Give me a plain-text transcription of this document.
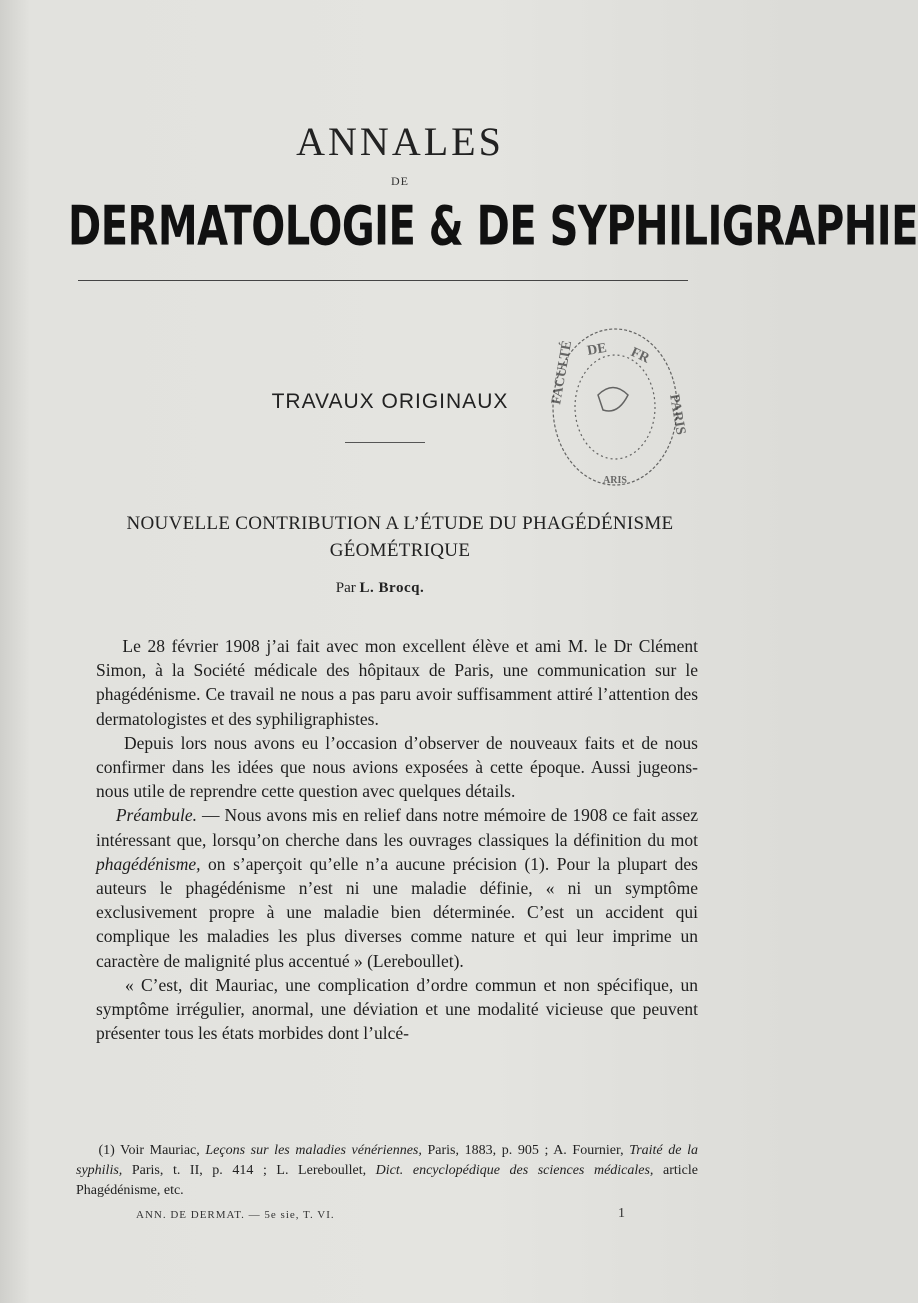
ANNALES
DE
DERMATOLOGIE & DE SYPHILIGRAPHIE
TRAVAUX ORIGINAUX
DE FR
FACULTÉ
PARIS
ARIS
NOUVELLE CONTRIBUTION A L’ÉTUDE DU PHAGÉDÉNISME
GÉOMÉTRIQUE
Par L. Brocq.

Le 28 février 1908 j’ai fait avec mon excellent élève et ami M. le Dr Clément Simon, à la Société médicale des hôpitaux de Paris, une communication sur le phagédénisme. Ce travail ne nous a pas paru avoir suffisamment attiré l’attention des dermatologistes et des syphiligraphistes.

Depuis lors nous avons eu l’occasion d’observer de nouveaux faits et de nous confirmer dans les idées que nous avions exposées à cette époque. Aussi jugeons-nous utile de reprendre cette question avec quelques détails.

Préambule. — Nous avons mis en relief dans notre mémoire de 1908 ce fait assez intéressant que, lorsqu’on cherche dans les ouvrages classiques la définition du mot phagédénisme, on s’aperçoit qu’elle n’a aucune précision (1). Pour la plupart des auteurs le phagédénisme n’est ni une maladie définie, « ni un symptôme exclusivement propre à une maladie bien déterminée. C’est un accident qui complique les maladies les plus diverses comme nature et qui leur imprime un caractère de malignité plus accentué » (Lereboullet).

« C’est, dit Mauriac, une complication d’ordre commun et non spécifique, un symptôme irrégulier, anormal, une déviation et une modalité vicieuse que peuvent présenter tous les états morbides dont l’ulcé-

(1) Voir Mauriac, Leçons sur les maladies vénériennes, Paris, 1883, p. 905 ; A. Fournier, Traité de la syphilis, Paris, t. II, p. 414 ; L. Lereboullet, Dict. encyclopédique des sciences médicales, article Phagédénisme, etc.
ANN. DE DERMAT. — 5e sie, T. VI.	1
